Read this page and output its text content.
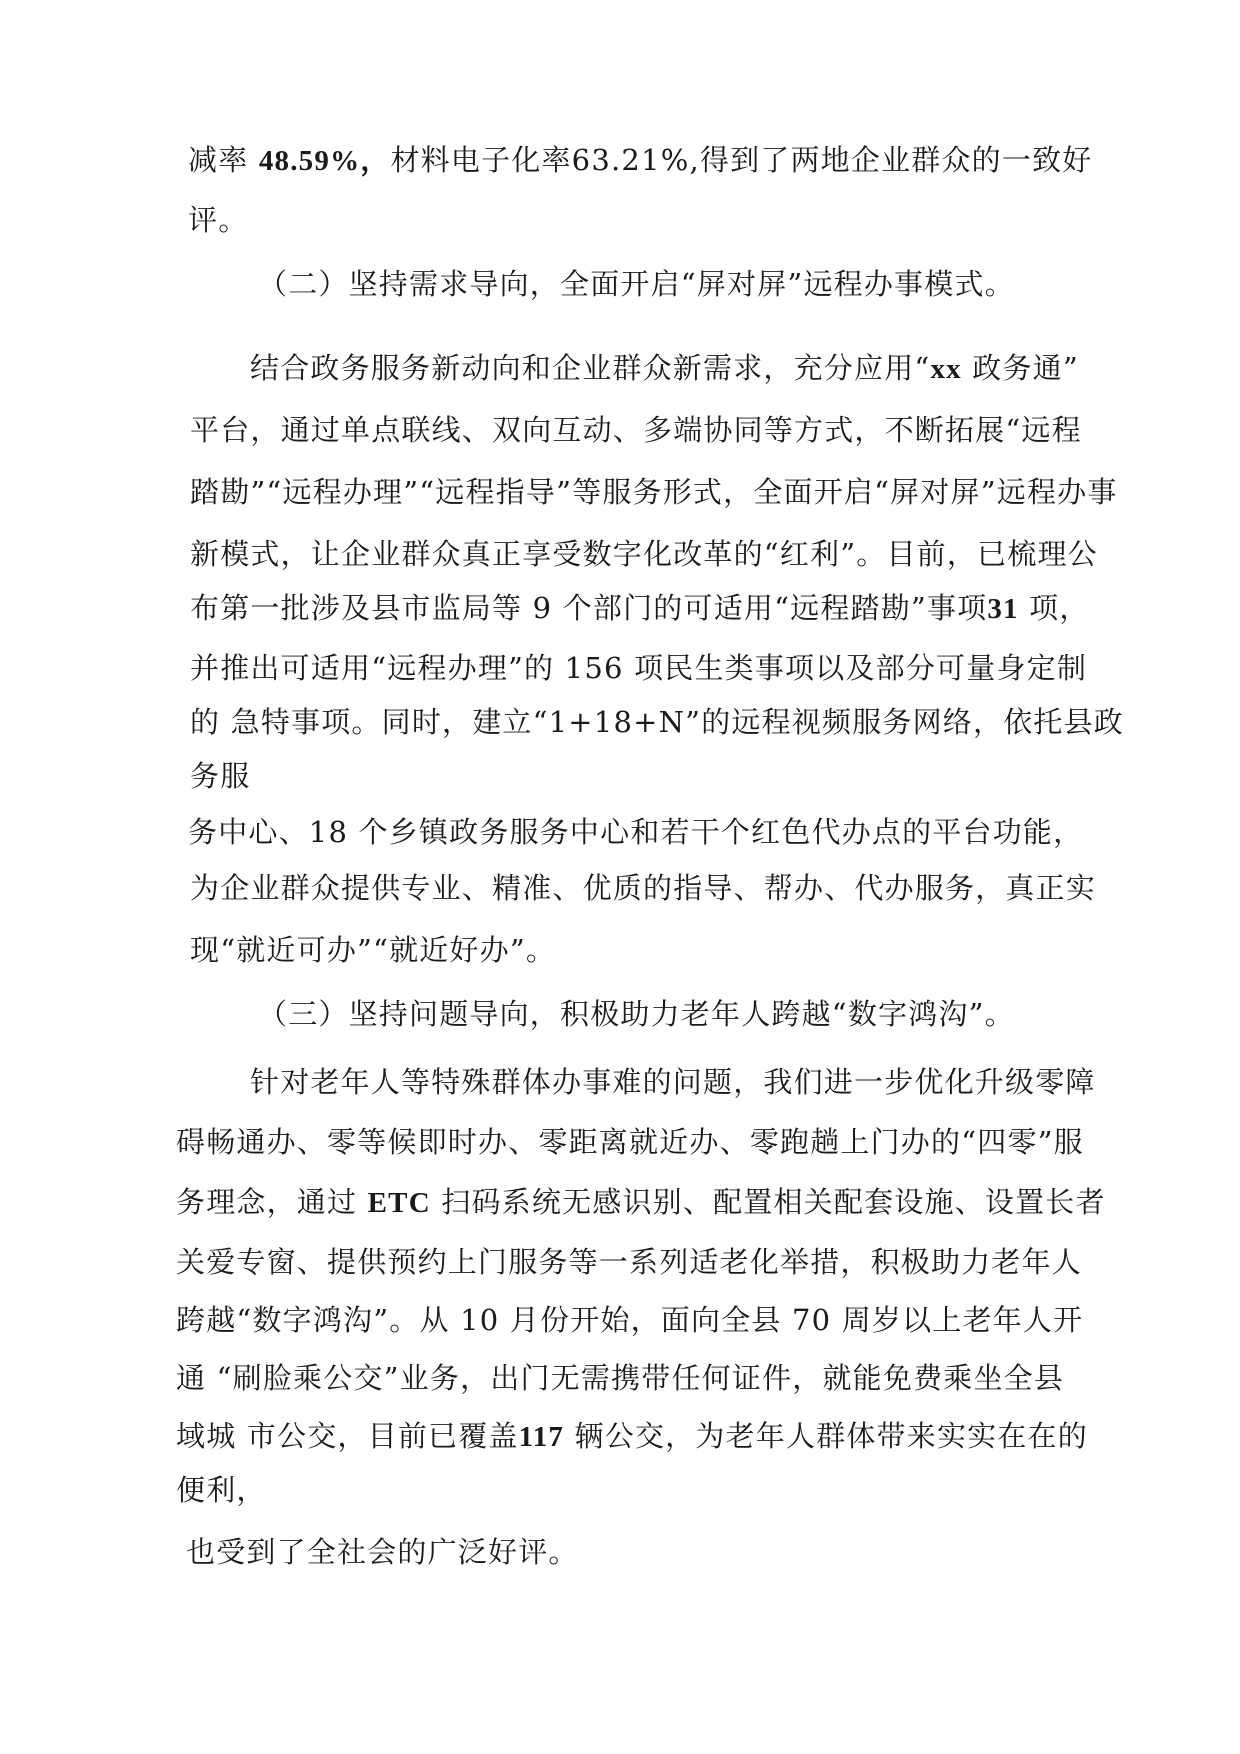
减率 48.59%，材料电子化率63.21%,得到了两地企业群众的一致好
评。
（二）坚持需求导向，全面开启“屏对屏”远程办事模式。
结合政务服务新动向和企业群众新需求，充分应用“xx 政务通”
平台，通过单点联线、双向互动、多端协同等方式，不断拓展“远程
踏勘”“远程办理”“远程指导”等服务形式，全面开启“屏对屏”远程办事
新模式，让企业群众真正享受数字化改革的“红利”。目前，已梳理公
布第一批涉及县市监局等 9 个部门的可适用“远程踏勘”事项31 项，
并推出可适用“远程办理”的 156 项民生类事项以及部分可量身定制
的 急特事项。同时，建立“1+18+N”的远程视频服务网络，依托县政
务服
务中心、18 个乡镇政务服务中心和若干个红色代办点的平台功能，
为企业群众提供专业、精准、优质的指导、帮办、代办服务，真正实
现“就近可办”“就近好办”。
（三）坚持问题导向，积极助力老年人跨越“数字鸿沟”。
针对老年人等特殊群体办事难的问题，我们进一步优化升级零障
碍畅通办、零等候即时办、零距离就近办、零跑趟上门办的“四零”服
务理念，通过 ETC 扫码系统无感识别、配置相关配套设施、设置长者
关爱专窗、提供预约上门服务等一系列适老化举措，积极助力老年人
跨越“数字鸿沟”。从 10 月份开始，面向全县 70 周岁以上老年人开
通 “刷脸乘公交”业务，出门无需携带任何证件，就能免费乘坐全县
域城 市公交，目前已覆盖117 辆公交，为老年人群体带来实实在在的
便利，
也受到了全社会的广泛好评。
